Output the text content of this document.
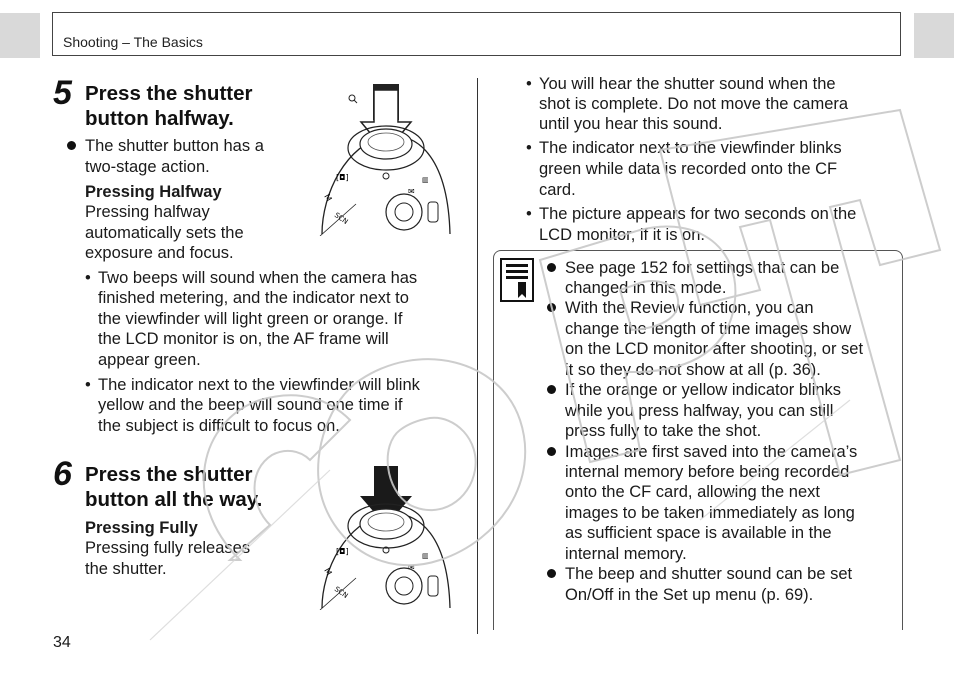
Shooting – The Basics
5 Press the shutter
button halfway.
The shutter button has a
two-stage action.
Pressing Halfway
Pressing halfway
automatically sets the
exposure and focus.
• Two beeps will sound when the camera has
finished metering, and the indicator next to
the viewfinder will light green or orange. If
the LCD monitor is on, the AF frame will
appear green.
• The indicator next to the viewfinder will blink
yellow and the beep will sound one time if
the subject is difficult to focus on.
[◘]	▥
✉
M
SCN
6 Press the shutter
button all the way.
Pressing Fully
Pressing fully releases
the shutter.
[◘]	▥
✉
M
SCN
• You will hear the shutter sound when the
shot is complete. Do not move the camera
until you hear this sound.
• The indicator next to the viewfinder blinks
green while data is recorded onto the CF
card.
• The picture appears for two seconds on the
LCD monitor, if it is on.
See page 152 for settings that can be
changed in this mode.
With the Review function, you can
change the length of time images show
on the LCD monitor after shooting, or set
it so they do not show at all (p. 36).
If the orange or yellow indicator blinks
while you press halfway, you can still
press fully to take the shot.
Images are first saved into the camera’s
internal memory before being recorded
onto the CF card, allowing the next
images to be taken immediately as long
as sufficient space is available in the
internal memory.
The beep and shutter sound can be set
On/Off in the Set up menu (p. 69).
34
